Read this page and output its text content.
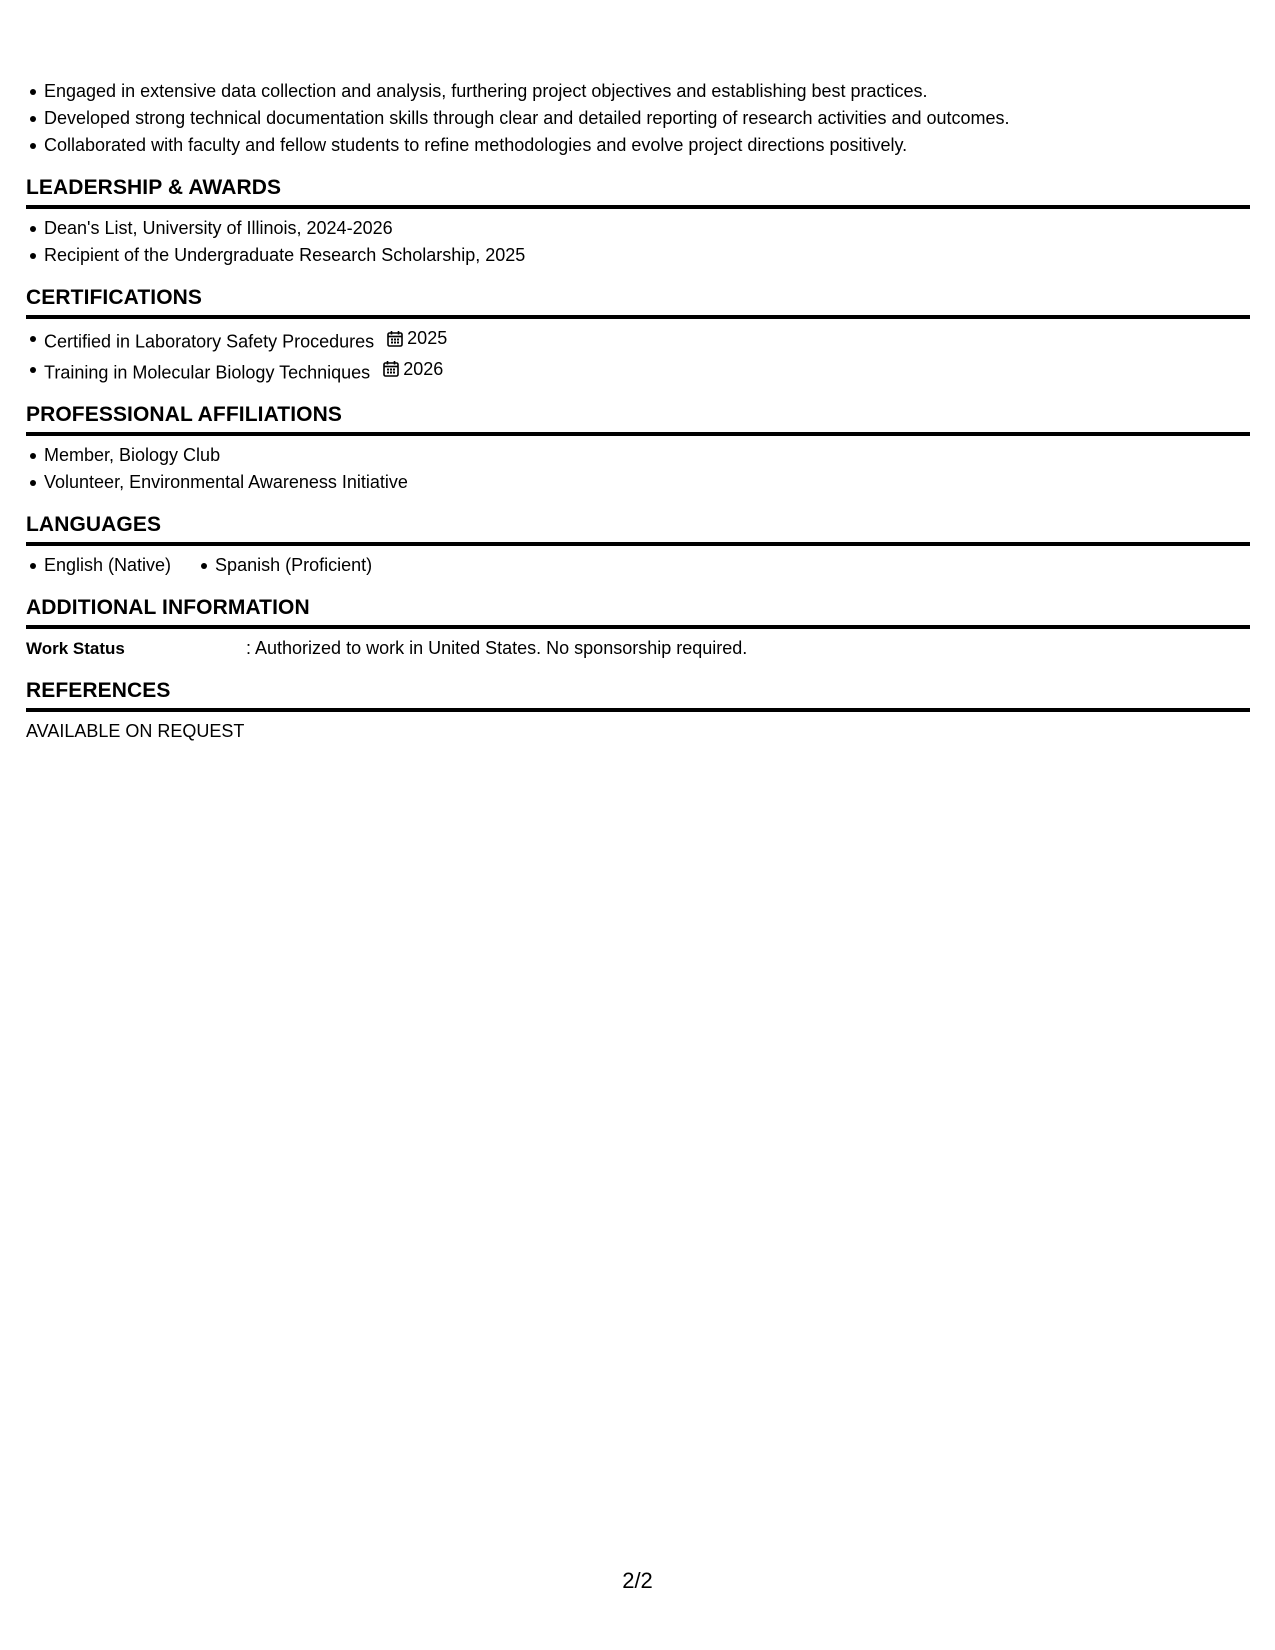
Engaged in extensive data collection and analysis, furthering project objectives and establishing best practices.
Developed strong technical documentation skills through clear and detailed reporting of research activities and outcomes.
Collaborated with faculty and fellow students to refine methodologies and evolve project directions positively.
LEADERSHIP & AWARDS
Dean's List, University of Illinois, 2024-2026
Recipient of the Undergraduate Research Scholarship, 2025
CERTIFICATIONS
Certified in Laboratory Safety Procedures 2025
Training in Molecular Biology Techniques 2026
PROFESSIONAL AFFILIATIONS
Member, Biology Club
Volunteer, Environmental Awareness Initiative
LANGUAGES
English (Native) Spanish (Proficient)
ADDITIONAL INFORMATION
Work Status	: Authorized to work in United States. No sponsorship required.
REFERENCES
AVAILABLE ON REQUEST
2/2
